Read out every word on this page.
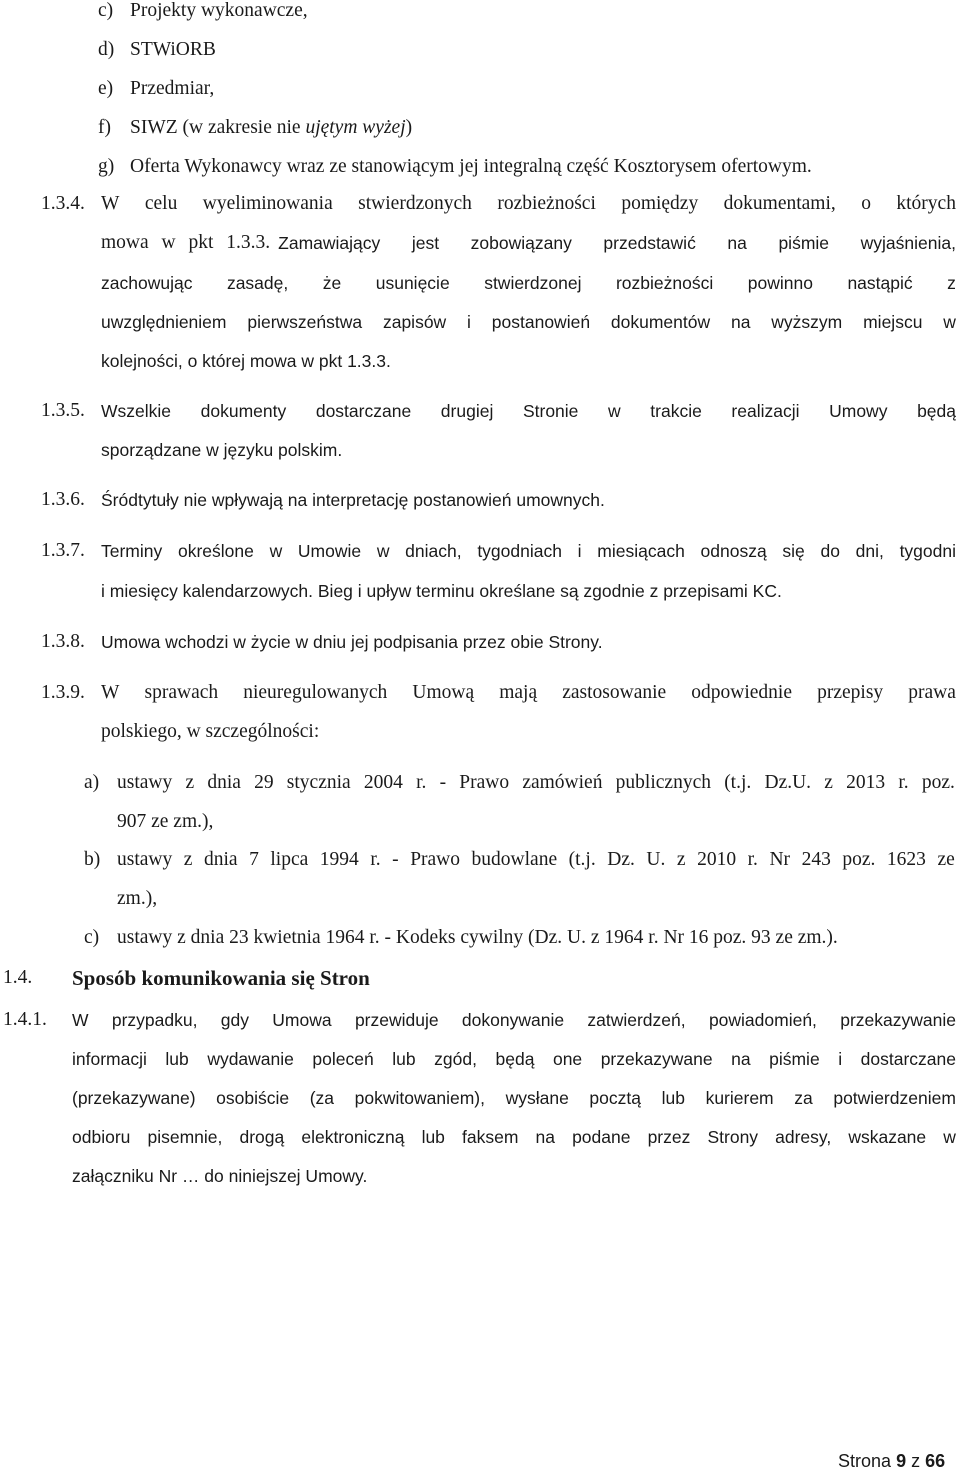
c) Projekty wykonawcze,
d) STWiORB
e) Przedmiar,
f) SIWZ (w zakresie nie ujętym wyżej)
g) Oferta Wykonawcy wraz ze stanowiącym jej integralną część Kosztorysem ofertowym.
1.3.4. W celu wyeliminowania stwierdzonych rozbieżności pomiędzy dokumentami, o których
mowa w pkt 1.3.3. Zamawiający jest zobowiązany przedstawić na piśmie wyjaśnienia,
zachowując zasadę, że usunięcie stwierdzonej rozbieżności powinno nastąpić z
uwzględnieniem pierwszeństwa zapisów i postanowień dokumentów na wyższym miejscu w
kolejności, o której mowa w pkt 1.3.3.
1.3.5. Wszelkie dokumenty dostarczane drugiej Stronie w trakcie realizacji Umowy będą
sporządzane w języku polskim.
1.3.6. Śródtytuły nie wpływają na interpretację postanowień umownych.
1.3.7. Terminy określone w Umowie w dniach, tygodniach i miesiącach odnoszą się do dni, tygodni
i miesięcy kalendarzowych. Bieg i upływ terminu określane są zgodnie z przepisami KC.
1.3.8. Umowa wchodzi w życie w dniu jej podpisania przez obie Strony.
1.3.9. W sprawach nieuregulowanych Umową mają zastosowanie odpowiednie przepisy prawa
polskiego, w szczególności:
a) ustawy z dnia 29 stycznia 2004 r. - Prawo zamówień publicznych (t.j. Dz.U. z 2013 r. poz.
907 ze zm.),
b) ustawy z dnia 7 lipca 1994 r. - Prawo budowlane (t.j. Dz. U. z 2010 r. Nr 243 poz. 1623 ze
zm.),
c) ustawy z dnia 23 kwietnia 1964 r. - Kodeks cywilny (Dz. U. z 1964 r. Nr 16 poz. 93 ze zm.).
1.4. Sposób komunikowania się Stron
1.4.1. W przypadku, gdy Umowa przewiduje dokonywanie zatwierdzeń, powiadomień, przekazywanie
informacji lub wydawanie poleceń lub zgód, będą one przekazywane na piśmie i dostarczane
(przekazywane) osobiście (za pokwitowaniem), wysłane pocztą lub kurierem za potwierdzeniem
odbioru pisemnie, drogą elektroniczną lub faksem na podane przez Strony adresy, wskazane w
załączniku Nr … do niniejszej Umowy.
Strona 9 z 66
